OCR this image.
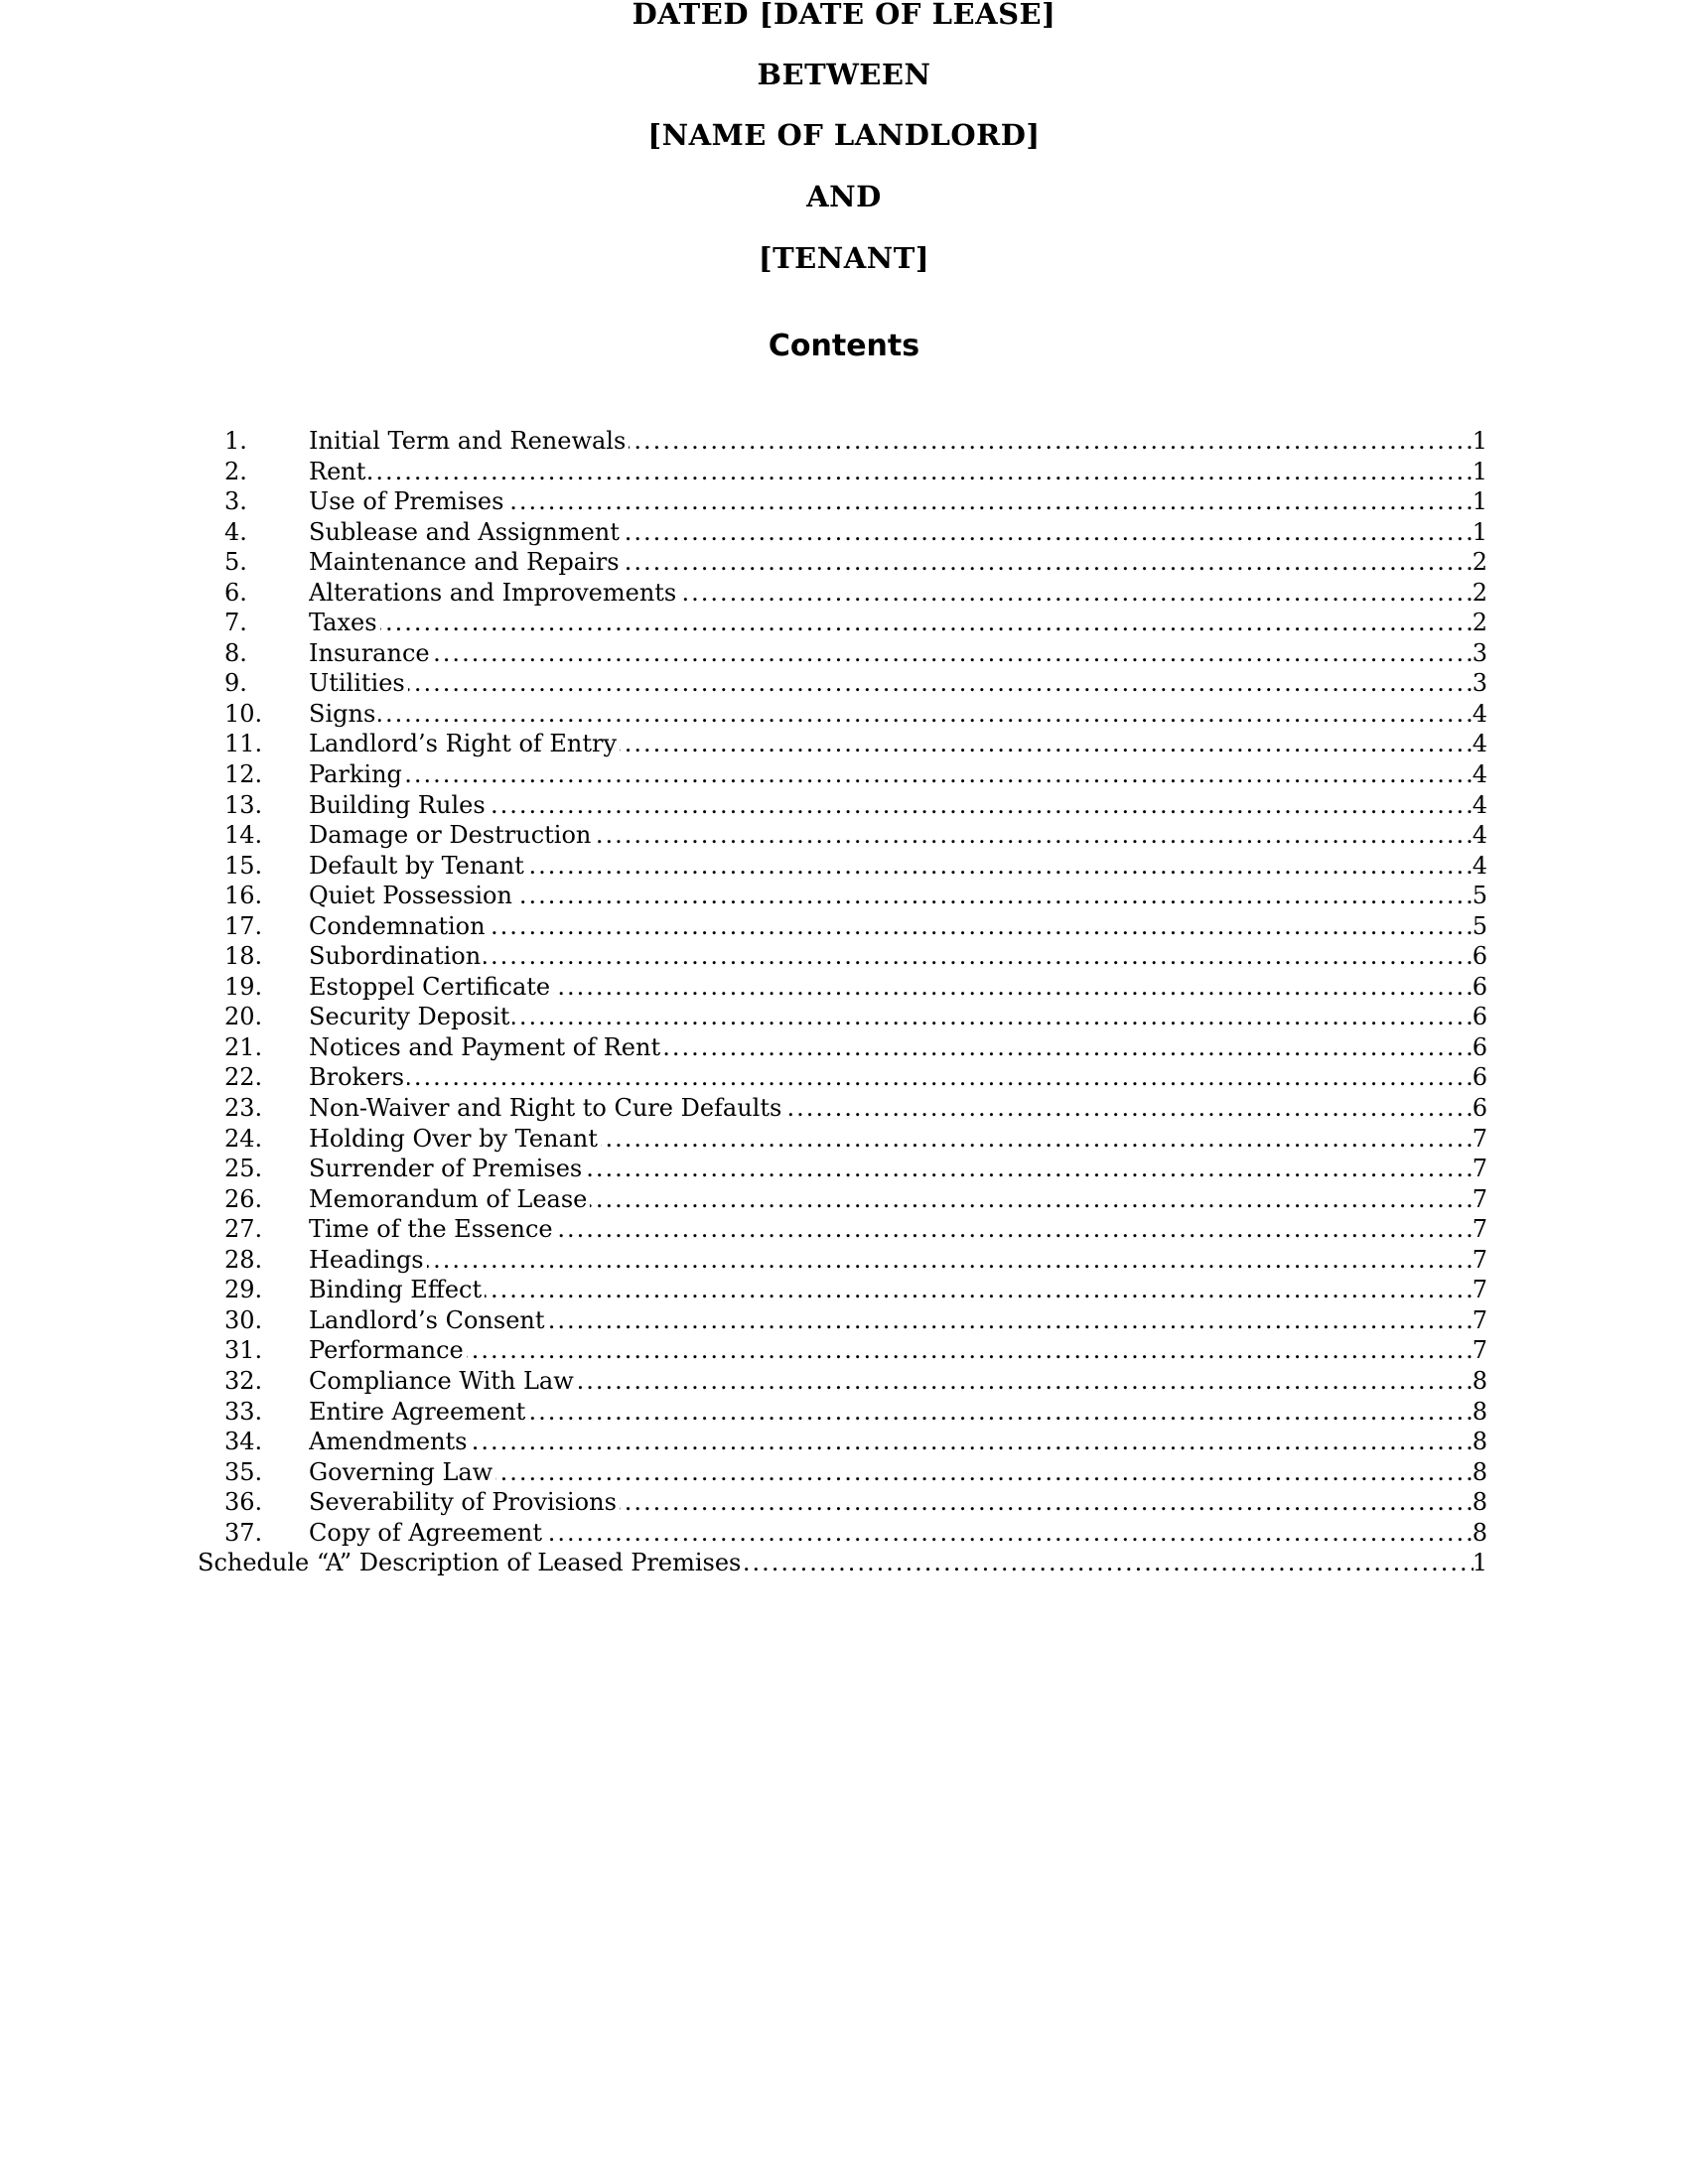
DATED [DATE OF LEASE]
BETWEEN
[NAME OF LANDLORD]
AND
[TENANT]
Contents
1.	Initial Term and Renewals .....	1
2.	Rent .....	1
3.	Use of Premises .....	1
4.	Sublease and Assignment .....	1
5.	Maintenance and Repairs .....	2
6.	Alterations and Improvements .....	2
7.	Taxes .....	2
8.	Insurance .....	3
9.	Utilities .....	3
10.	Signs .....	4
11.	Landlord’s Right of Entry .....	4
12.	Parking .....	4
13.	Building Rules .....	4
14.	Damage or Destruction .....	4
15.	Default by Tenant .....	4
16.	Quiet Possession .....	5
17.	Condemnation .....	5
18.	Subordination .....	6
19.	Estoppel Certificate .....	6
20.	Security Deposit .....	6
21.	Notices and Payment of Rent .....	6
22.	Brokers .....	6
23.	Non-Waiver and Right to Cure Defaults .....	6
24.	Holding Over by Tenant .....	7
25.	Surrender of Premises .....	7
26.	Memorandum of Lease .....	7
27.	Time of the Essence .....	7
28.	Headings .....	7
29.	Binding Effect .....	7
30.	Landlord’s Consent .....	7
31.	Performance .....	7
32.	Compliance With Law .....	8
33.	Entire Agreement .....	8
34.	Amendments .....	8
35.	Governing Law .....	8
36.	Severability of Provisions .....	8
37.	Copy of Agreement .....	8
Schedule “A” Description of Leased Premises .....	1
